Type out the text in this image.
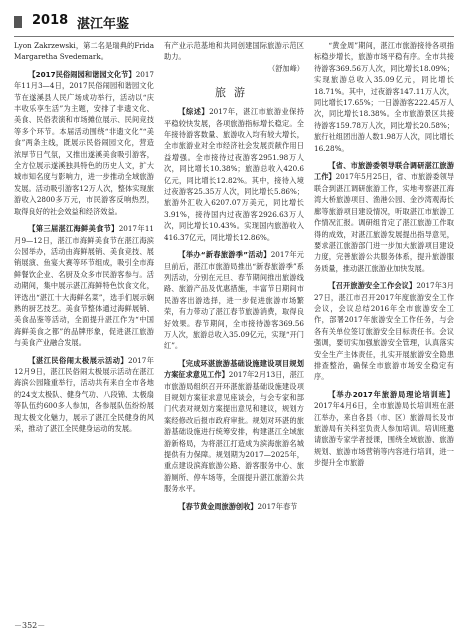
2018 湛江年鉴

Lyon Zakrzewski，第二名是瑞典的Frida Margaretha Svedemark。

【2017民俗闹园和谐园文化节】2017年11月3—4日，2017民俗闹园和谐园文化节在遂溪县人民广场成功举行，活动以“庆丰收乐享生活”为主题，安排了非遗文化、美食、民俗表演和市场摊位展示、民间竞技等多个环节。本届活动围绕“非遗文化”“美食”两条主线，既展示民俗闹园文化，营造浓厚节日气氛，又推出遂溪美食吸引游客，全方位展示遂溪独具特色的历史人文，扩大城市知名度与影响力，进一步推动全域旅游发展。活动吸引游客12万人次，整体实现旅游收入2800多万元，市民游客反响热烈，取得良好的社会效益和经济效益。

【第三届湛江海鲜美食节】2017年11月9—12日，湛江市海鲜美食节在湛江海滨公园举办，活动由海鲜展销、美食竞技、展销展演、鱼宴大赛等环节组成，吸引全市海鲜餐饮企业、名厨及众多市民游客参与。活动期间，集中展示湛江海鲜特色饮食文化，评选出“湛江十大海鲜名菜”，选手们展示娴熟的厨艺技艺。美食节整体通过海鲜展销、美食品鉴等活动，全面提升湛江作为“中国海鲜美食之都”的品牌形象，促进湛江旅游与美食产业融合发展。

【湛江民俗闹太极展示活动】2017年12月9日，湛江民俗闹太极展示活动在湛江海滨公园隆重举行，活动共有来自全市各地的24支太极队、健身气功、八段锦、太极扇等队伍约600多人参加，各参展队伍纷纷展现太极文化魅力，展示了湛江全民健身的风采，推动了湛江全民健身运动的发展。

有产业示范基地和共同创建国际旅游示范区助力。

（舒加峰）
旅游

【综述】2017年，湛江市旅游业保持平稳较快发展，各项旅游指标增长稳定。全年接待游客数量、旅游收入均有较大增长，全市旅游业对全市经济社会发展贡献作用日益增强。全市接待过夜游客2951.98万人次，同比增长10.38%；旅游总收入420.6亿元，同比增长12.82%。其中，接待入境过夜游客25.35万人次，同比增长5.86%；旅游外汇收入6207.07万美元，同比增长3.91%，接待国内过夜游客2926.63万人次，同比增长10.43%。实现国内旅游收入416.37亿元，同比增长12.86%。

【举办“新春旅游季”活动】2017年元旦前后，湛江市旅游局推出“新春旅游季”系列活动，分别在元旦、春节期间推出旅游线路、旅游产品及优惠措施，丰富节日期间市民游客出游选择，进一步促进旅游市场繁荣，有力带动了湛江春节旅游消费，取得良好效果。春节期间，全市接待游客369.56万人次，旅游总收入35.09亿元，实现“开门红”。

【完成环湛旅游基础设施建设项目规划方案征求意见工作】2017年2月13日，湛江市旅游局组织召开环湛旅游基础设施建设项目规划方案征求意见座谈会，与会专家和部门代表对规划方案提出意见和建议，规划方案经修改后报市政府审批。规划对环湛的旅游基础设施进行统筹安排，构建湛江全域旅游新格局，为将湛江打造成为滨海旅游名城提供有力保障。规划期为2017—2025年，重点建设滨海旅游公路、游客服务中心、旅游厕所、停车场等，全面提升湛江旅游公共服务水平。

【春节黄金周旅游创收】2017年春节

“黄金周”期间，湛江市旅游接待各项指标稳步增长，旅游市场平稳有序。全市共接待游客369.56万人次，同比增长18.09%；实现旅游总收入35.09亿元，同比增长18.71%。其中，过夜游客147.11万人次，同比增长17.65%；一日游游客222.45万人次，同比增长18.38%。全市旅游景区共接待游客159.78万人次，同比增长20.58%；旅行社组团出游人数1.98万人次，同比增长16.28%。

【省、市旅游委领导联合调研湛江旅游工作】2017年5月25日，省、市旅游委领导联合到湛江调研旅游工作，实地考察湛江海湾大桥旅游项目、渔港公园、金沙湾观海长廊等旅游项目建设情况，听取湛江市旅游工作情况汇报。调研组肯定了湛江旅游工作取得的成效，对湛江旅游发展提出指导意见，要求湛江旅游部门进一步加大旅游项目建设力度，完善旅游公共服务体系，提升旅游服务质量，推动湛江旅游业加快发展。

【召开旅游安全工作会议】2017年3月27日，湛江市召开2017年度旅游安全工作会议，会议总结2016年全市旅游安全工作，部署2017年旅游安全工作任务，与会各有关单位签订旅游安全目标责任书。会议强调，要切实加强旅游安全管理，认真落实安全生产主体责任，扎实开展旅游安全隐患排查整治，确保全市旅游市场安全稳定有序。

【举办2017年旅游局理论培训班】2017年4月6日，全市旅游局长培训班在湛江举办，来自各县（市、区）旅游局长及市旅游局有关科室负责人参加培训。培训班邀请旅游专家学者授课，围绕全域旅游、旅游规划、旅游市场营销等内容进行培训，进一步提升全市旅游

－352－
